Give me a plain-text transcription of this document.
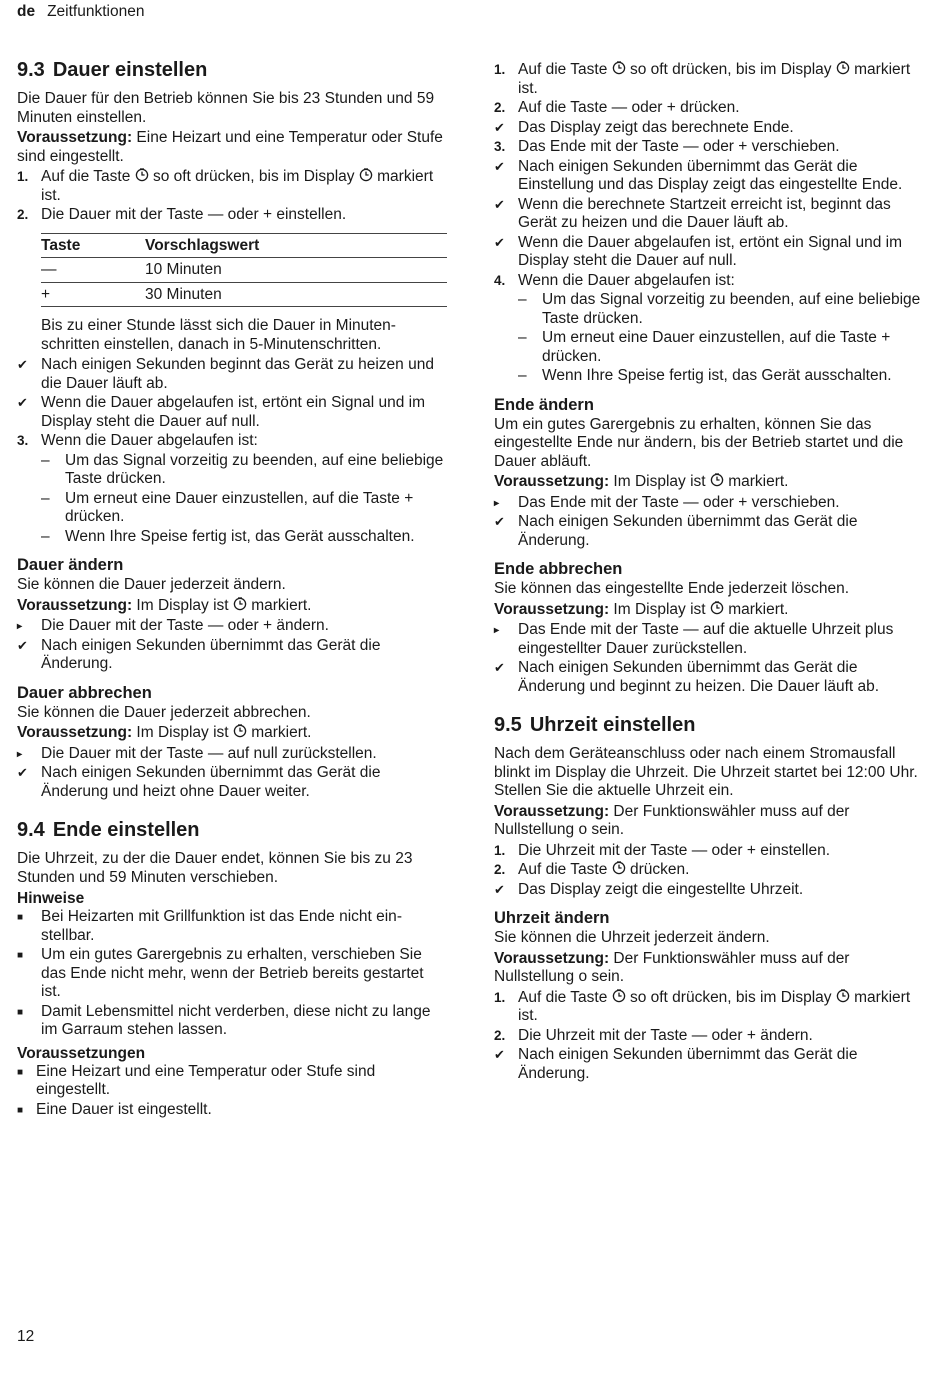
de Zeitfunktionen
9.3 Dauer einstellen

Die Dauer für den Betrieb können Sie bis 23 Stunden und 59 Minuten einstellen.

Voraussetzung: Eine Heizart und eine Temperatur oder Stufe sind eingestellt.

1. Auf die Taste  so oft drücken, bis im Display  markiert ist.
2. Die Dauer mit der Taste — oder + einstellen.
Taste	Vorschlagswert
—	10 Minuten
+	30 Minuten

Bis zu einer Stunde lässt sich die Dauer in Minutenschritten einstellen, danach in 5-Minutenschritten.

✔ Nach einigen Sekunden beginnt das Gerät zu heizen und die Dauer läuft ab.
✔ Wenn die Dauer abgelaufen ist, ertönt ein Signal und im Display steht die Dauer auf null.
3. Wenn die Dauer abgelaufen ist:
– Um das Signal vorzeitig zu beenden, auf eine beliebige Taste drücken.
– Um erneut eine Dauer einzustellen, auf die Taste + drücken.
– Wenn Ihre Speise fertig ist, das Gerät ausschalten.
Dauer ändern

Sie können die Dauer jederzeit ändern.

Voraussetzung: Im Display ist  markiert.

▸	Die Dauer mit der Taste — oder + ändern.
✔ Nach einigen Sekunden übernimmt das Gerät die Änderung.
Dauer abbrechen

Sie können die Dauer jederzeit abbrechen.

Voraussetzung: Im Display ist  markiert.

▸	Die Dauer mit der Taste — auf null zurückstellen.
✔ Nach einigen Sekunden übernimmt das Gerät die Änderung und heizt ohne Dauer weiter.
9.4 Ende einstellen

Die Uhrzeit, zu der die Dauer endet, können Sie bis zu 23 Stunden und 59 Minuten verschieben.

Hinweise
■	Bei Heizarten mit Grillfunktion ist das Ende nicht einstellbar.
■	Um ein gutes Garergebnis zu erhalten, verschieben Sie das Ende nicht mehr, wenn der Betrieb bereits gestartet ist.
■	Damit Lebensmittel nicht verderben, diese nicht zu lange im Garraum stehen lassen.
Voraussetzungen
■ Eine Heizart und eine Temperatur oder Stufe sind eingestellt.
■ Eine Dauer ist eingestellt.
1. Auf die Taste  so oft drücken, bis im Display  markiert ist.
2. Auf die Taste — oder + drücken.
✔ Das Display zeigt das berechnete Ende.
3. Das Ende mit der Taste — oder + verschieben.
✔ Nach einigen Sekunden übernimmt das Gerät die Einstellung und das Display zeigt das eingestellte Ende.
✔ Wenn die berechnete Startzeit erreicht ist, beginnt das Gerät zu heizen und die Dauer läuft ab.
✔ Wenn die Dauer abgelaufen ist, ertönt ein Signal und im Display steht die Dauer auf null.
4. Wenn die Dauer abgelaufen ist:
– Um das Signal vorzeitig zu beenden, auf eine beliebige Taste drücken.
– Um erneut eine Dauer einzustellen, auf die Taste + drücken.
– Wenn Ihre Speise fertig ist, das Gerät ausschalten.
Ende ändern

Um ein gutes Garergebnis zu erhalten, können Sie das eingestellte Ende nur ändern, bis der Betrieb startet und die Dauer abläuft.

Voraussetzung: Im Display ist  markiert.

▸	Das Ende mit der Taste — oder + verschieben.
✔ Nach einigen Sekunden übernimmt das Gerät die Änderung.
Ende abbrechen

Sie können das eingestellte Ende jederzeit löschen.

Voraussetzung: Im Display ist  markiert.

▸	Das Ende mit der Taste — auf die aktuelle Uhrzeit plus eingestellter Dauer zurückstellen.
✔ Nach einigen Sekunden übernimmt das Gerät die Änderung und beginnt zu heizen. Die Dauer läuft ab.
9.5 Uhrzeit einstellen

Nach dem Geräteanschluss oder nach einem Stromausfall blinkt im Display die Uhrzeit. Die Uhrzeit startet bei 12:00 Uhr. Stellen Sie die aktuelle Uhrzeit ein.

Voraussetzung: Der Funktionswähler muss auf der Nullstellung o sein.

1. Die Uhrzeit mit der Taste — oder + einstellen.
2. Auf die Taste  drücken.
✔ Das Display zeigt die eingestellte Uhrzeit.
Uhrzeit ändern

Sie können die Uhrzeit jederzeit ändern.

Voraussetzung: Der Funktionswähler muss auf der Nullstellung o sein.

1. Auf die Taste  so oft drücken, bis im Display  markiert ist.
2. Die Uhrzeit mit der Taste — oder + ändern.
✔ Nach einigen Sekunden übernimmt das Gerät die Änderung.
12
